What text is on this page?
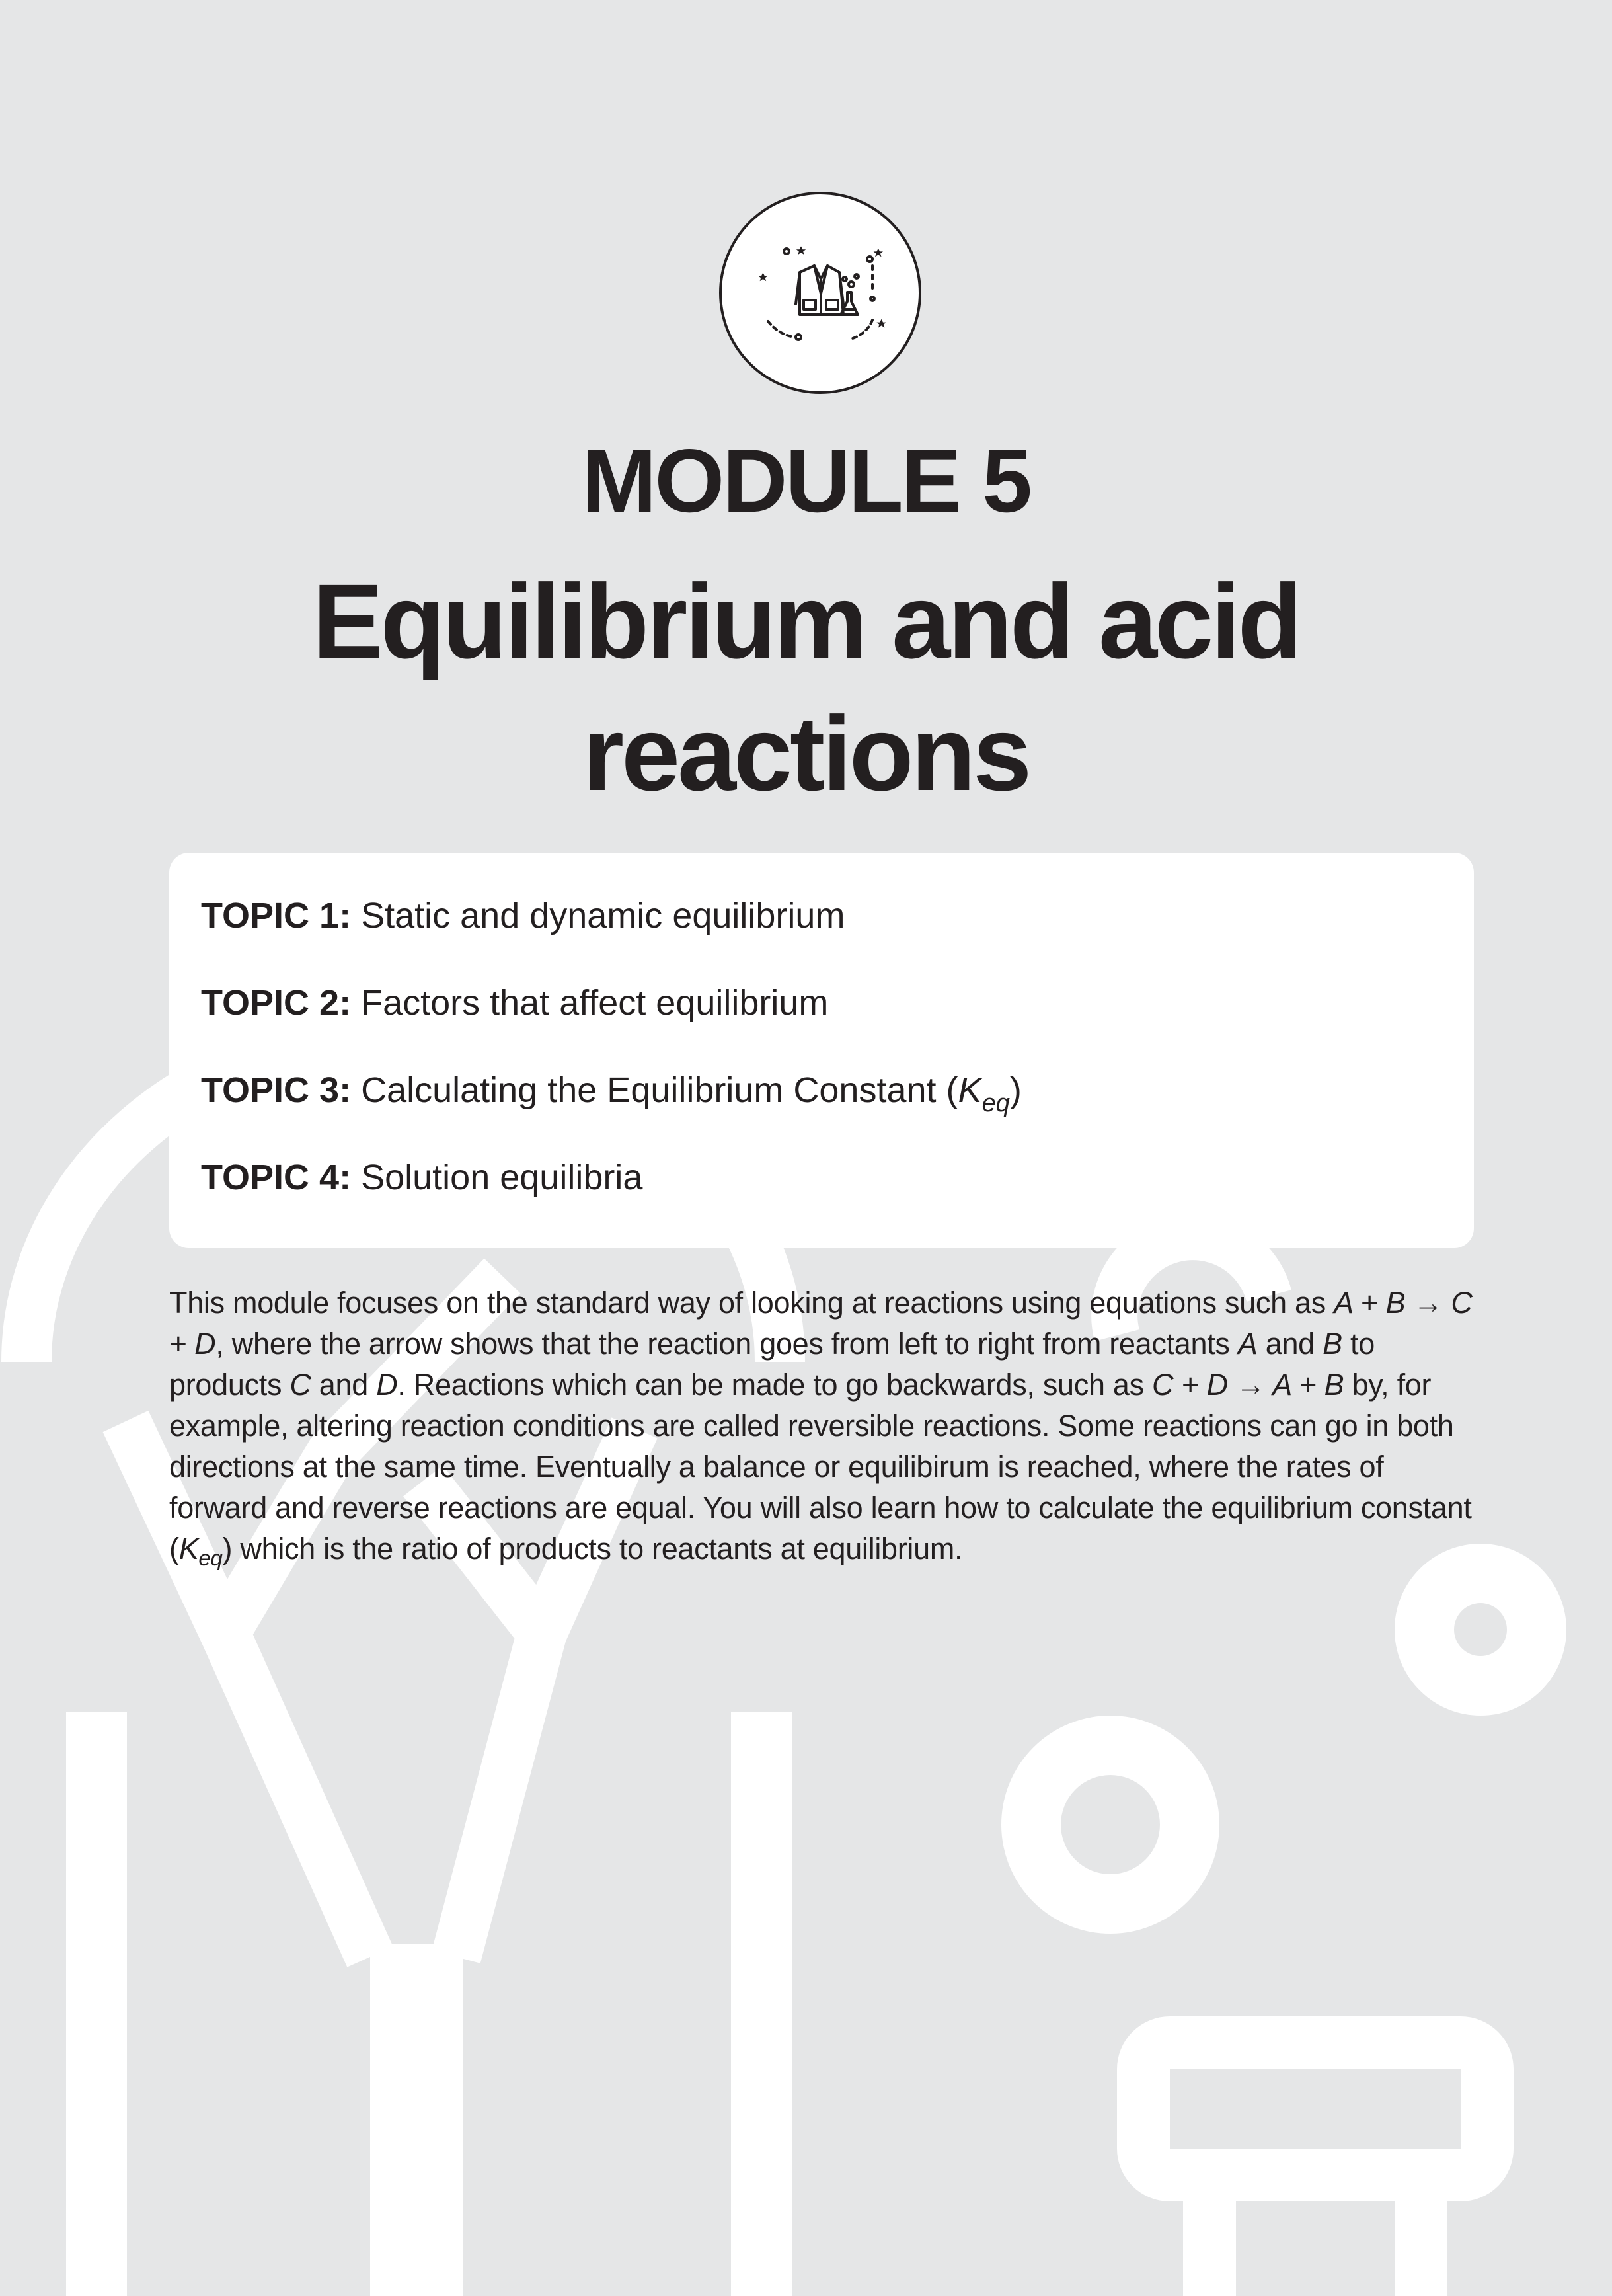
MODULE 5
Equilibrium and acid
reactions
TOPIC 1: Static and dynamic equilibrium
TOPIC 2: Factors that affect equilibrium
TOPIC 3: Calculating the Equilibrium Constant $(K_{eq})$
TOPIC 4: Solution equilibria
This module focuses on the standard way of looking at reactions using equations such as A + B → C + D, where the arrow shows that the reaction goes from left to right from reactants A and B to products C and D. Reactions which can be made to go backwards, such as C + D → A + B by, for example, altering reaction conditions are called reversible reactions. Some reactions can go in both directions at the same time. Eventually a balance or equilibirum is reached, where the rates of forward and reverse reactions are equal. You will also learn how to calculate the equilibrium constant $(K_{eq})$ which is the ratio of products to reactants at equilibrium.
